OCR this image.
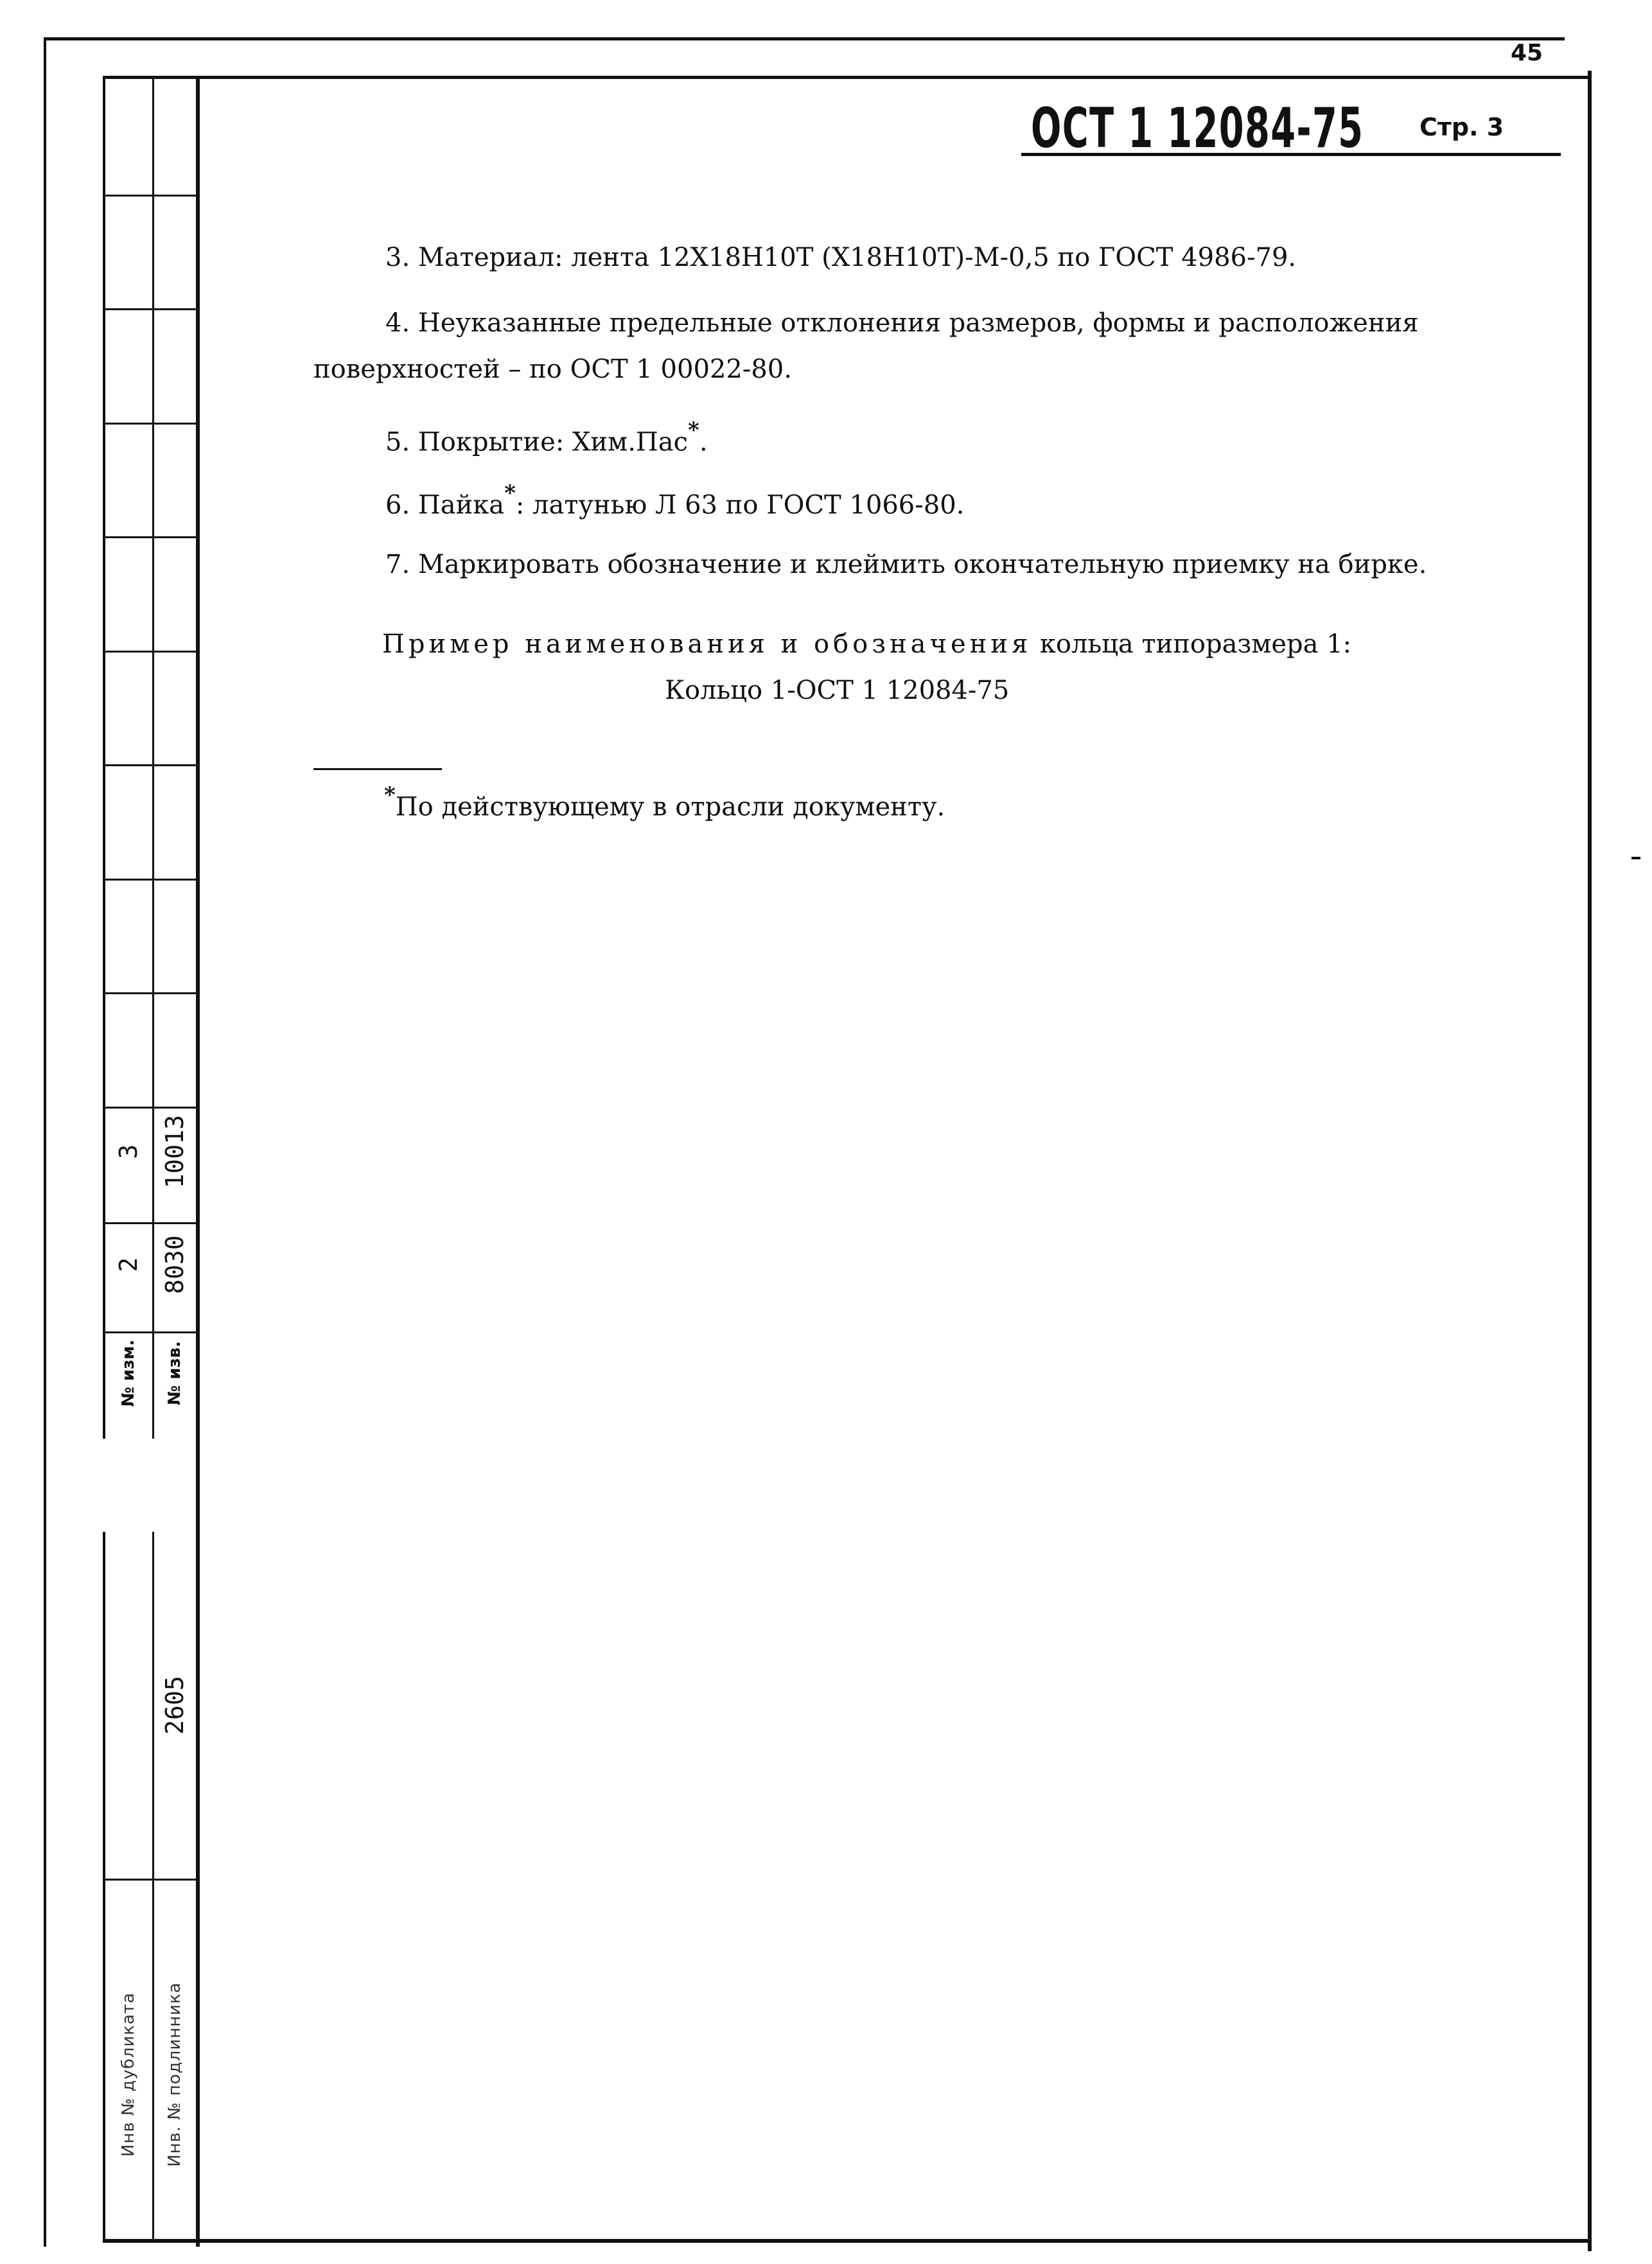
3 10013
2 8030
№ изм. № изв.
2605
Инв № дубликата Инв. № подлинника
45
ОСТ 1 12084-75 Стр. 3
3. Материал: лента 12Х18Н10Т (Х18Н10Т)-М-0,5 по ГОСТ 4986-79.
4. Неуказанные предельные отклонения размеров, формы и расположения
поверхностей – по ОСТ 1 00022-80.
5. Покрытие: Хим.Пас*.
6. Пайка*: латунью Л 63 по ГОСТ 1066-80.
7. Маркировать обозначение и клеймить окончательную приемку на бирке.
Пример наименования и обозначения кольца типоразмера 1:
Кольцо 1-ОСТ 1 12084-75
*По действующему в отрасли документу.
